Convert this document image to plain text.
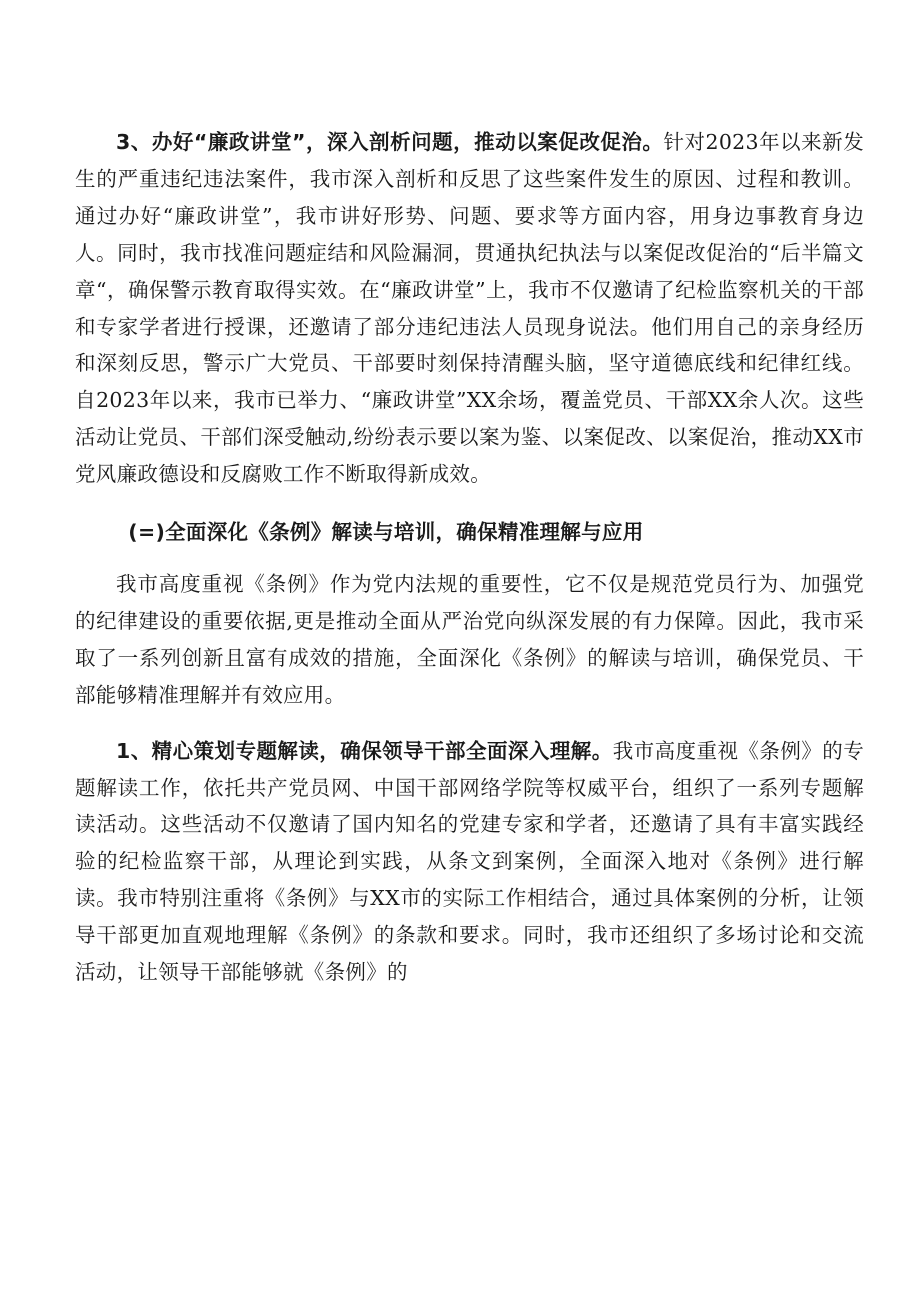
3、办好“廉政讲堂”，深入剖析问题，推动以案促改促治。针对2023年以来新发生的严重违纪违法案件，我市深入剖析和反思了这些案件发生的原因、过程和教训。通过办好“廉政讲堂”，我市讲好形势、问题、要求等方面内容，用身边事教育身边人。同时，我市找准问题症结和风险漏洞，贯通执纪执法与以案促改促治的“后半篇文章“，确保警示教育取得实效。在“廉政讲堂”上，我市不仅邀请了纪检监察机关的干部和专家学者进行授课，还邀请了部分违纪违法人员现身说法。他们用自己的亲身经历和深刻反思，警示广大党员、干部要时刻保持清醒头脑，坚守道德底线和纪律红线。自2023年以来，我市已举力、“廉政讲堂”XX余场，覆盖党员、干部XX余人次。这些活动让党员、干部们深受触动,纷纷表示要以案为鉴、以案促改、以案促治，推动XX市党风廉政德设和反腐败工作不断取得新成效。

(=)全面深化《条例》解读与培训，确保精准理解与应用

我市高度重视《条例》作为党内法规的重要性，它不仅是规范党员行为、加强党的纪律建设的重要依据,更是推动全面从严治党向纵深发展的有力保障。因此，我市采取了一系列创新且富有成效的措施，全面深化《条例》的解读与培训，确保党员、干部能够精准理解并有效应用。

1、精心策划专题解读，确保领导干部全面深入理解。我市高度重视《条例》的专题解读工作，依托共产党员网、中国干部网络学院等权威平台，组织了一系列专题解读活动。这些活动不仅邀请了国内知名的党建专家和学者，还邀请了具有丰富实践经验的纪检监察干部，从理论到实践，从条文到案例，全面深入地对《条例》进行解读。我市特别注重将《条例》与XX市的实际工作相结合，通过具体案例的分析，让领导干部更加直观地理解《条例》的条款和要求。同时，我市还组织了多场讨论和交流活动，让领导干部能够就《条例》的
